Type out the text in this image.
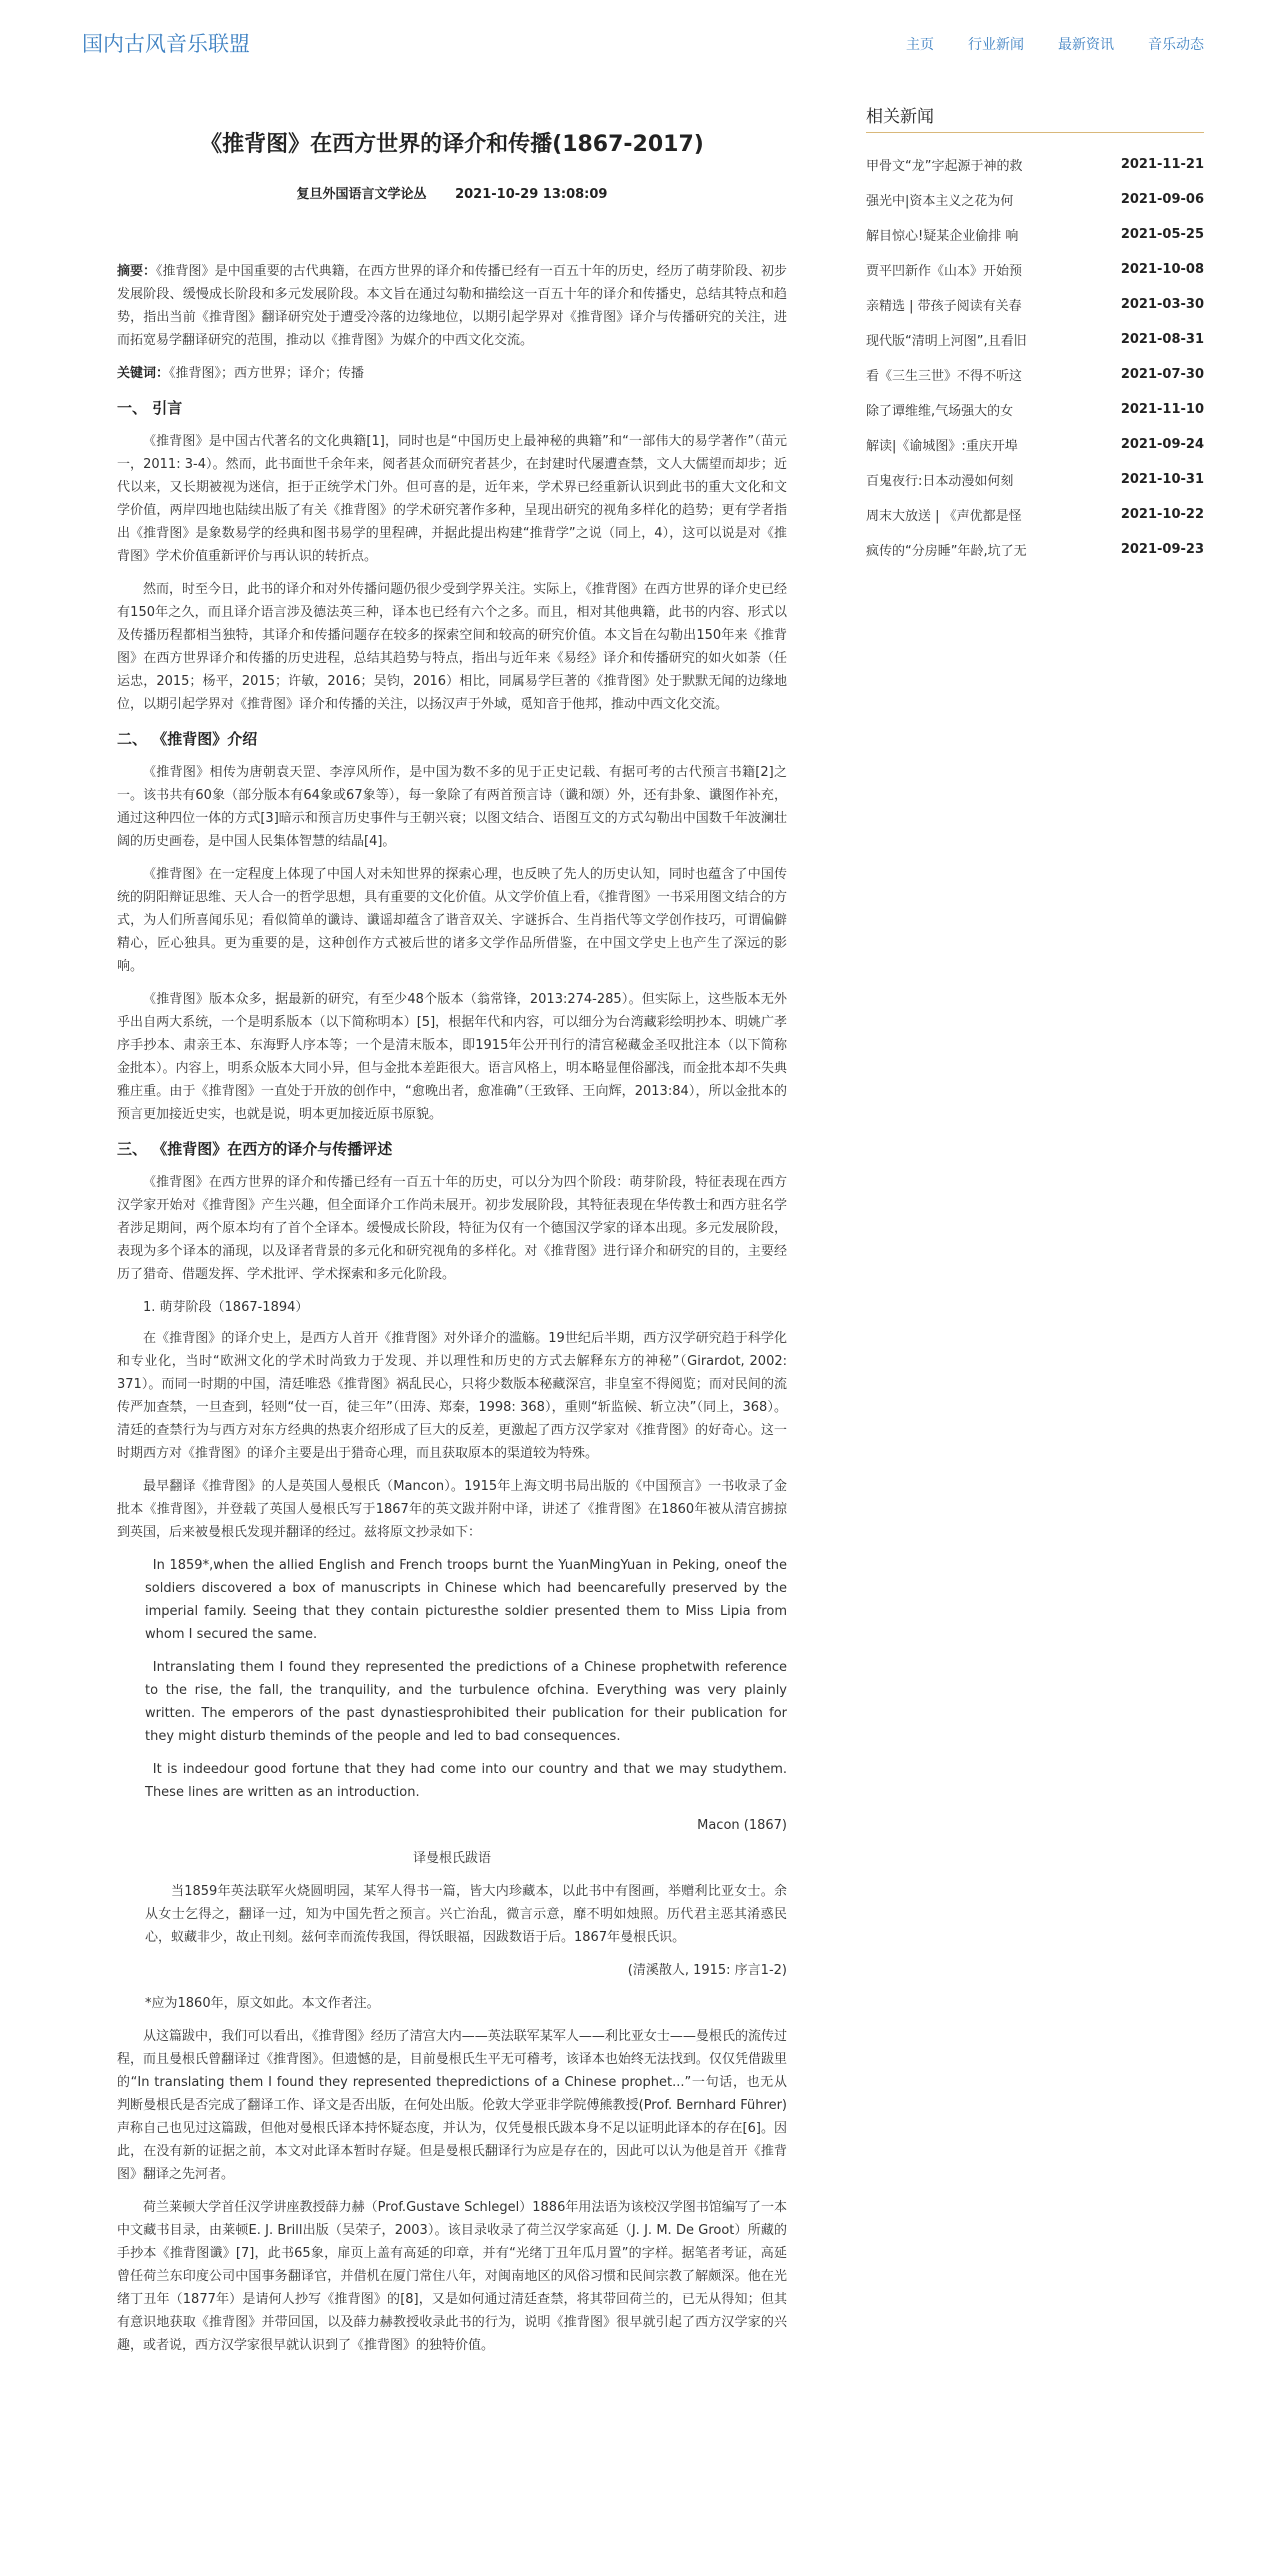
国内古风音乐联盟	主页 行业新闻 最新资讯 音乐动态
《推背图》在西方世界的译介和传播(1867-2017)
复旦外国语言文学论丛 2021-10-29 13:08:09

摘要：《推背图》是中国重要的古代典籍，在西方世界的译介和传播已经有一百五十年的历史，经历了萌芽阶段、初步发展阶段、缓慢成长阶段和多元发展阶段。本文旨在通过勾勒和描绘这一百五十年的译介和传播史，总结其特点和趋势，指出当前《推背图》翻译研究处于遭受冷落的边缘地位，以期引起学界对《推背图》译介与传播研究的关注，进而拓宽易学翻译研究的范围，推动以《推背图》为媒介的中西文化交流。

关键词：《推背图》；西方世界；译介；传播

一、 引言

《推背图》是中国古代著名的文化典籍[1]，同时也是“中国历史上最神秘的典籍”和“一部伟大的易学著作”（苗元一，2011: 3-4）。然而，此书面世千余年来，阅者甚众而研究者甚少，在封建时代屡遭查禁，文人大儒望而却步；近代以来，又长期被视为迷信，拒于正统学术门外。但可喜的是，近年来，学术界已经重新认识到此书的重大文化和文学价值，两岸四地也陆续出版了有关《推背图》的学术研究著作多种，呈现出研究的视角多样化的趋势；更有学者指出《推背图》是象数易学的经典和图书易学的里程碑，并据此提出构建“推背学”之说（同上，4），这可以说是对《推背图》学术价值重新评价与再认识的转折点。

然而，时至今日，此书的译介和对外传播问题仍很少受到学界关注。实际上，《推背图》在西方世界的译介史已经有150年之久，而且译介语言涉及德法英三种，译本也已经有六个之多。而且，相对其他典籍，此书的内容、形式以及传播历程都相当独特，其译介和传播问题存在较多的探索空间和较高的研究价值。本文旨在勾勒出150年来《推背图》在西方世界译介和传播的历史进程，总结其趋势与特点，指出与近年来《易经》译介和传播研究的如火如荼（任运忠，2015；杨平，2015；许敏，2016；吴钧，2016）相比，同属易学巨著的《推背图》处于默默无闻的边缘地位，以期引起学界对《推背图》译介和传播的关注，以扬汉声于外域，觅知音于他邦，推动中西文化交流。

二、 《推背图》介绍

《推背图》相传为唐朝袁天罡、李淳风所作，是中国为数不多的见于正史记载、有据可考的古代预言书籍[2]之一。该书共有60象（部分版本有64象或67象等），每一象除了有两首预言诗（谶和颂）外，还有卦象、谶图作补充，通过这种四位一体的方式[3]暗示和预言历史事件与王朝兴衰；以图文结合、语图互文的方式勾勒出中国数千年波澜壮阔的历史画卷，是中国人民集体智慧的结晶[4]。

《推背图》在一定程度上体现了中国人对未知世界的探索心理，也反映了先人的历史认知，同时也蕴含了中国传统的阴阳辩证思维、天人合一的哲学思想，具有重要的文化价值。从文学价值上看，《推背图》一书采用图文结合的方式，为人们所喜闻乐见；看似简单的谶诗、谶谣却蕴含了谐音双关、字谜拆合、生肖指代等文学创作技巧，可谓偏僻精心，匠心独具。更为重要的是，这种创作方式被后世的诸多文学作品所借鉴，在中国文学史上也产生了深远的影响。

《推背图》版本众多，据最新的研究，有至少48个版本（翁常锋，2013:274-285）。但实际上，这些版本无外乎出自两大系统，一个是明系版本（以下简称明本）[5]，根据年代和内容，可以细分为台湾藏彩绘明抄本、明姚广孝序手抄本、肃亲王本、东海野人序本等；一个是清末版本，即1915年公开刊行的清宫秘藏金圣叹批注本（以下简称金批本）。内容上，明系众版本大同小异，但与金批本差距很大。语言风格上，明本略显俚俗鄙浅，而金批本却不失典雅庄重。由于《推背图》一直处于开放的创作中，“愈晚出者，愈准确”（王致铎、王向辉，2013:84），所以金批本的预言更加接近史实，也就是说，明本更加接近原书原貌。

三、 《推背图》在西方的译介与传播评述

《推背图》在西方世界的译介和传播已经有一百五十年的历史，可以分为四个阶段：萌芽阶段，特征表现在西方汉学家开始对《推背图》产生兴趣，但全面译介工作尚未展开。初步发展阶段，其特征表现在华传教士和西方驻名学者涉足期间，两个原本均有了首个全译本。缓慢成长阶段，特征为仅有一个德国汉学家的译本出现。多元发展阶段，表现为多个译本的涌现，以及译者背景的多元化和研究视角的多样化。对《推背图》进行译介和研究的目的，主要经历了猎奇、借题发挥、学术批评、学术探索和多元化阶段。

1. 萌芽阶段（1867-1894）

在《推背图》的译介史上，是西方人首开《推背图》对外译介的滥觞。19世纪后半期，西方汉学研究趋于科学化和专业化，当时“欧洲文化的学术时尚致力于发现、并以理性和历史的方式去解释东方的神秘”（Girardot, 2002: 371）。而同一时期的中国，清廷唯恐《推背图》祸乱民心，只将少数版本秘藏深宫，非皇室不得阅览；而对民间的流传严加查禁，一旦查到，轻则“仗一百，徒三年”（田涛、郑秦，1998: 368），重则“斩监候、斩立决”（同上，368）。清廷的查禁行为与西方对东方经典的热衷介绍形成了巨大的反差，更激起了西方汉学家对《推背图》的好奇心。这一时期西方对《推背图》的译介主要是出于猎奇心理，而且获取原本的渠道较为特殊。

最早翻译《推背图》的人是英国人曼根氏（Mancon）。1915年上海文明书局出版的《中国预言》一书收录了金批本《推背图》，并登载了英国人曼根氏写于1867年的英文跋并附中译，讲述了《推背图》在1860年被从清宫掳掠到英国，后来被曼根氏发现并翻译的经过。兹将原文抄录如下：

In 1859*,when the allied English and French troops burnt the YuanMingYuan in Peking, oneof the soldiers discovered a box of manuscripts in Chinese which had beencarefully preserved by the imperial family. Seeing that they contain picturesthe soldier presented them to Miss Lipia from whom I secured the same.

Intranslating them I found they represented the predictions of a Chinese prophetwith reference to the rise, the fall, the tranquility, and the turbulence ofchina. Everything was very plainly written. The emperors of the past dynastiesprohibited their publication for their publication for they might disturb theminds of the people and led to bad consequences.

It is indeedour good fortune that they had come into our country and that we may studythem. These lines are written as an introduction.

Macon (1867)

译曼根氏跋语

当1859年英法联军火烧圆明园，某军人得书一篇，皆大内珍藏本，以此书中有图画，举赠利比亚女士。余从女士乞得之，翻译一过，知为中国先哲之预言。兴亡治乱，微言示意，靡不明如烛照。历代君主恶其淆惑民心，蚁藏非少，故止刊刻。兹何幸而流传我国，得饫眼福，因跋数语于后。1867年曼根氏识。

(清溪散人, 1915: 序言1-2)

*应为1860年，原文如此。本文作者注。

从这篇跋中，我们可以看出，《推背图》经历了清宫大内——英法联军某军人——利比亚女士——曼根氏的流传过程，而且曼根氏曾翻译过《推背图》。但遗憾的是，目前曼根氏生平无可稽考，该译本也始终无法找到。仅仅凭借跋里的“In translating them I found they represented thepredictions of a Chinese prophet...”一句话，也无从判断曼根氏是否完成了翻译工作、译文是否出版，在何处出版。伦敦大学亚非学院傅熊教授(Prof. Bernhard Führer)声称自己也见过这篇跋，但他对曼根氏译本持怀疑态度，并认为，仅凭曼根氏跋本身不足以证明此译本的存在[6]。因此，在没有新的证据之前，本文对此译本暂时存疑。但是曼根氏翻译行为应是存在的，因此可以认为他是首开《推背图》翻译之先河者。

荷兰莱顿大学首任汉学讲座教授薛力赫（Prof.Gustave Schlegel）1886年用法语为该校汉学图书馆编写了一本中文藏书目录，由莱顿E. J. Brill出版（吴荣子，2003）。该目录收录了荷兰汉学家高延（J. J. M. De Groot）所藏的手抄本《推背图谶》[7]，此书65象，扉页上盖有高延的印章，并有“光绪丁丑年瓜月置”的字样。据笔者考证，高延曾任荷兰东印度公司中国事务翻译官，并借机在厦门常住八年，对闽南地区的风俗习惯和民间宗教了解颇深。他在光绪丁丑年（1877年）是请何人抄写《推背图》的[8]，又是如何通过清廷查禁，将其带回荷兰的，已无从得知；但其有意识地获取《推背图》并带回国，以及薛力赫教授收录此书的行为，说明《推背图》很早就引起了西方汉学家的兴趣，或者说，西方汉学家很早就认识到了《推背图》的独特价值。

相关新闻
甲骨文“龙”字起源于神的救	2021-11-21
强光中|资本主义之花为何	2021-09-06
解目惊心!疑某企业偷排 响	2021-05-25
贾平凹新作《山本》开始预	2021-10-08
亲精选 | 带孩子阅读有关春	2021-03-30
现代版“清明上河图”,且看旧	2021-08-31
看《三生三世》不得不听这	2021-07-30
除了谭维维,气场强大的女	2021-11-10
解读|《谕城图》:重庆开埠	2021-09-24
百鬼夜行:日本动漫如何刻	2021-10-31
周末大放送 | 《声优都是怪	2021-10-22
疯传的“分房睡”年龄,坑了无	2021-09-23
